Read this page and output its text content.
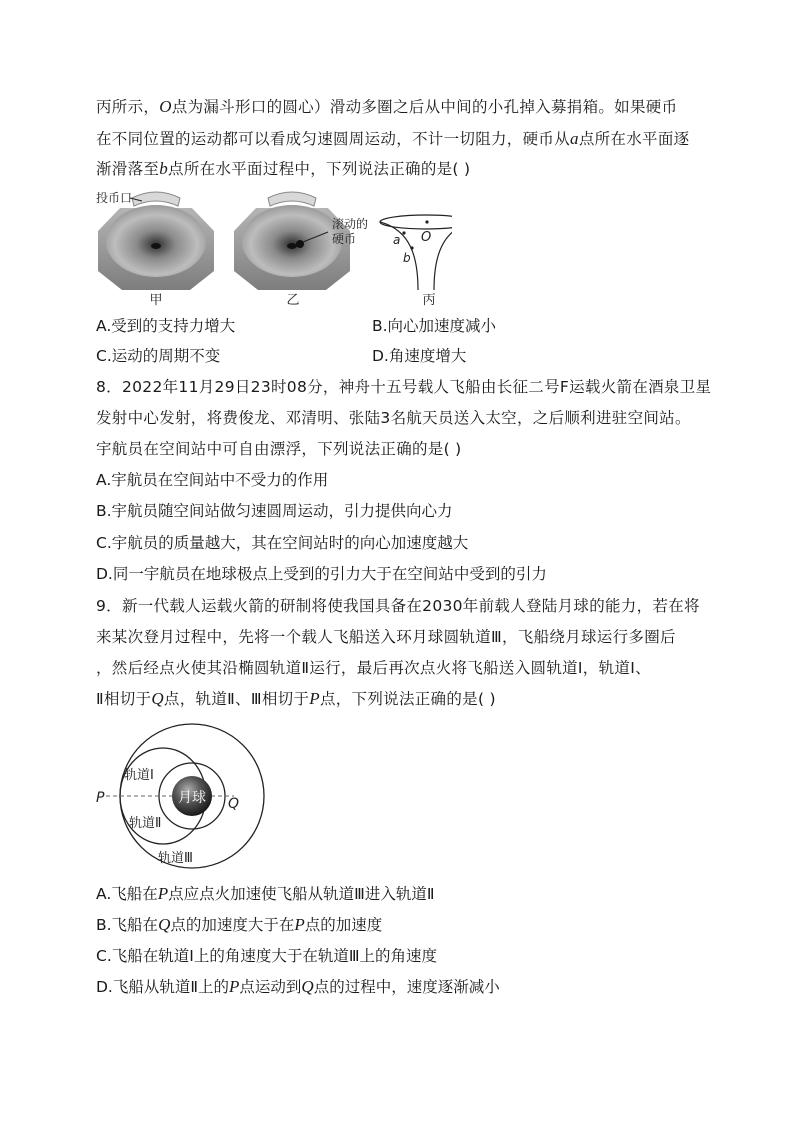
丙所示，O点为漏斗形口的圆心）滑动多圈之后从中间的小孔掉入募捐箱。如果硬币
在不同位置的运动都可以看成匀速圆周运动，不计一切阻力，硬币从a点所在水平面逐
渐滑落至b点所在水平面过程中，下列说法正确的是( )
投币口
滚动的
硬币	O
a
b
甲	乙	丙
A.受到的支持力增大	B.向心加速度减小
C.运动的周期不变	D.角速度增大
8．2022年11月29日23时08分，神舟十五号载人飞船由长征二号F运载火箭在酒泉卫星
发射中心发射，将费俊龙、邓清明、张陆3名航天员送入太空，之后顺利进驻空间站。
宇航员在空间站中可自由漂浮，下列说法正确的是( )
A.宇航员在空间站中不受力的作用
B.宇航员随空间站做匀速圆周运动，引力提供向心力
C.宇航员的质量越大，其在空间站时的向心加速度越大
D.同一宇航员在地球极点上受到的引力大于在空间站中受到的引力
9．新一代载人运载火箭的研制将使我国具备在2030年前载人登陆月球的能力，若在将
来某次登月过程中，先将一个载人飞船送入环月球圆轨道Ⅲ，飞船绕月球运行多圈后
，然后经点火使其沿椭圆轨道Ⅱ运行，最后再次点火将飞船送入圆轨道Ⅰ，轨道Ⅰ、
Ⅱ相切于Q点，轨道Ⅱ、Ⅲ相切于P点，下列说法正确的是( )
月球
轨道Ⅰ
轨道Ⅱ
轨道Ⅲ
P	Q
A.飞船在P点应点火加速使飞船从轨道Ⅲ进入轨道Ⅱ
B.飞船在Q点的加速度大于在P点的加速度
C.飞船在轨道Ⅰ上的角速度大于在轨道Ⅲ上的角速度
D.飞船从轨道Ⅱ上的P点运动到Q点的过程中，速度逐渐减小
